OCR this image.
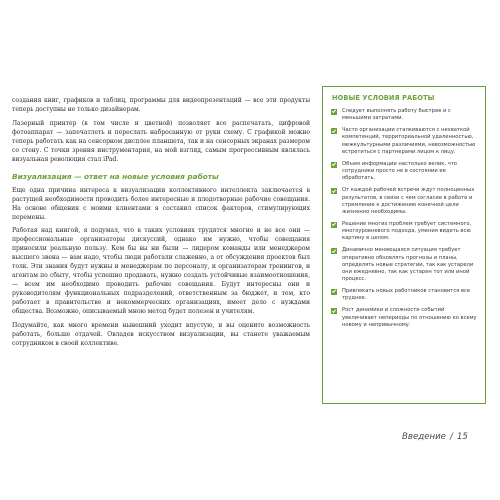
создания книг, графиков и таблиц, программы для видеопрезентаций — все эти продукты теперь доступны не только дизайнерам.

Лазерный принтер (в том числе и цветной) позволяет все распечатать, цифровой фотоаппарат — запечатлеть и переслать набросанную от руки схему. С графикой можно теперь работать как на сенсорном дисплее планшета, так и на сенсорных экранах размером со стену. С точки зрения инструментария, на мой взгляд, самым прогрессивным являлась визуальная революция стал iPad.

Визуализация — ответ на новые условия работы

Еще одна причина интереса к визуализации коллективного интеллекта заключается в растущей необходимости проводить более интересные и плодотворные рабочие совещания. На основе общения с моими клиентами я составил список факторов, стимулирующих перемены.

Работая над книгой, я подумал, что в таких условиях трудятся многие и не все они — профессиональные организаторы дискуссий, однако им нужно, чтобы совещания приносили реальную пользу. Кем бы вы ни были — лидером команды или менеджером высшего звена — вам надо, чтобы люди работали слаженно, а от обсуждения проектов был толк. Эти знания будут нужны и менеджерам по персоналу, и организаторам тренингов, и агентам по сбыту, чтобы успешно продавать, нужно создать устойчивые взаимоотношения, — всем им необходимо проводить рабочие совещания. Будут интересны они и руководителям функциональных подразделений, ответственным за бюджет, и тем, кто работает в правительстве и некоммерческих организациях, имеет дело с нуждами общества. Возможно, описываемый мною метод будет полезен и учителям.

Подумайте, как много времени нынешний уходит впустую, и вы оцените возможность работать, больше отдачей. Овладев искусством визуализации, вы станете уважаемым сотрудником в своей коллективе.

НОВЫЕ УСЛОВИЯ РАБОТЫ
Следует выполнять работу быстрее и с меньшими затратами.
Часто организации сталкиваются с нехваткой компетенций, территориальной удаленностью, межкультурными различиями, невозможностью встретиться с партнерами лицом к лицу.
Объем информации настолько велик, что сотрудники просто не в состоянии ее обработать.
От каждой рабочей встречи ждут полноценных результатов, в связи с чем согласие в работе и стремление к достижению конечной цели жизненно необходимы.
Решение многих проблем требует системного, многоуровневого подхода, умения видеть всю картину в целом.
Динамично меняющаяся ситуация требует оперативно обновлять прогнозы и планы, определять новые стратегии, так как устарели они ежедневно, так как устарен тот или иной процесс.
Привлекать новых работников становится все труднее.
Рост динамики и сложности событий увеличивает непериоды по отношению ко всему новому и непривычному.
Введение / 15
